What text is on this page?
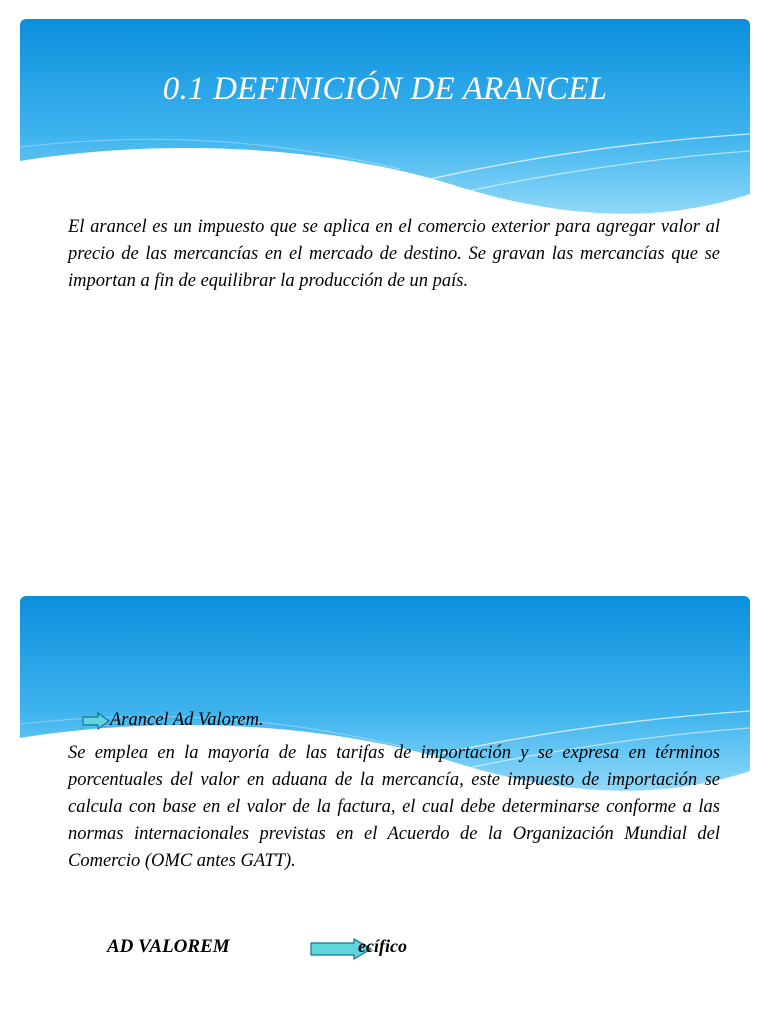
0.1 DEFINICIÓN DE ARANCEL

El arancel es un impuesto que se aplica en el comercio exterior para agregar valor al precio de las mercancías en el mercado de destino. Se gravan las mercancías que se importan a fin de equilibrar la producción de un país.

Arancel Ad Valorem.

Se emplea en la mayoría de las tarifas de importación y se expresa en términos porcentuales del valor en aduana de la mercancía, este impuesto de importación se calcula con base en el valor de la factura, el cual debe determinarse conforme a las normas internacionales previstas en el Acuerdo de la Organización Mundial del Comercio (OMC antes GATT).

AD VALOREM	ecífico
